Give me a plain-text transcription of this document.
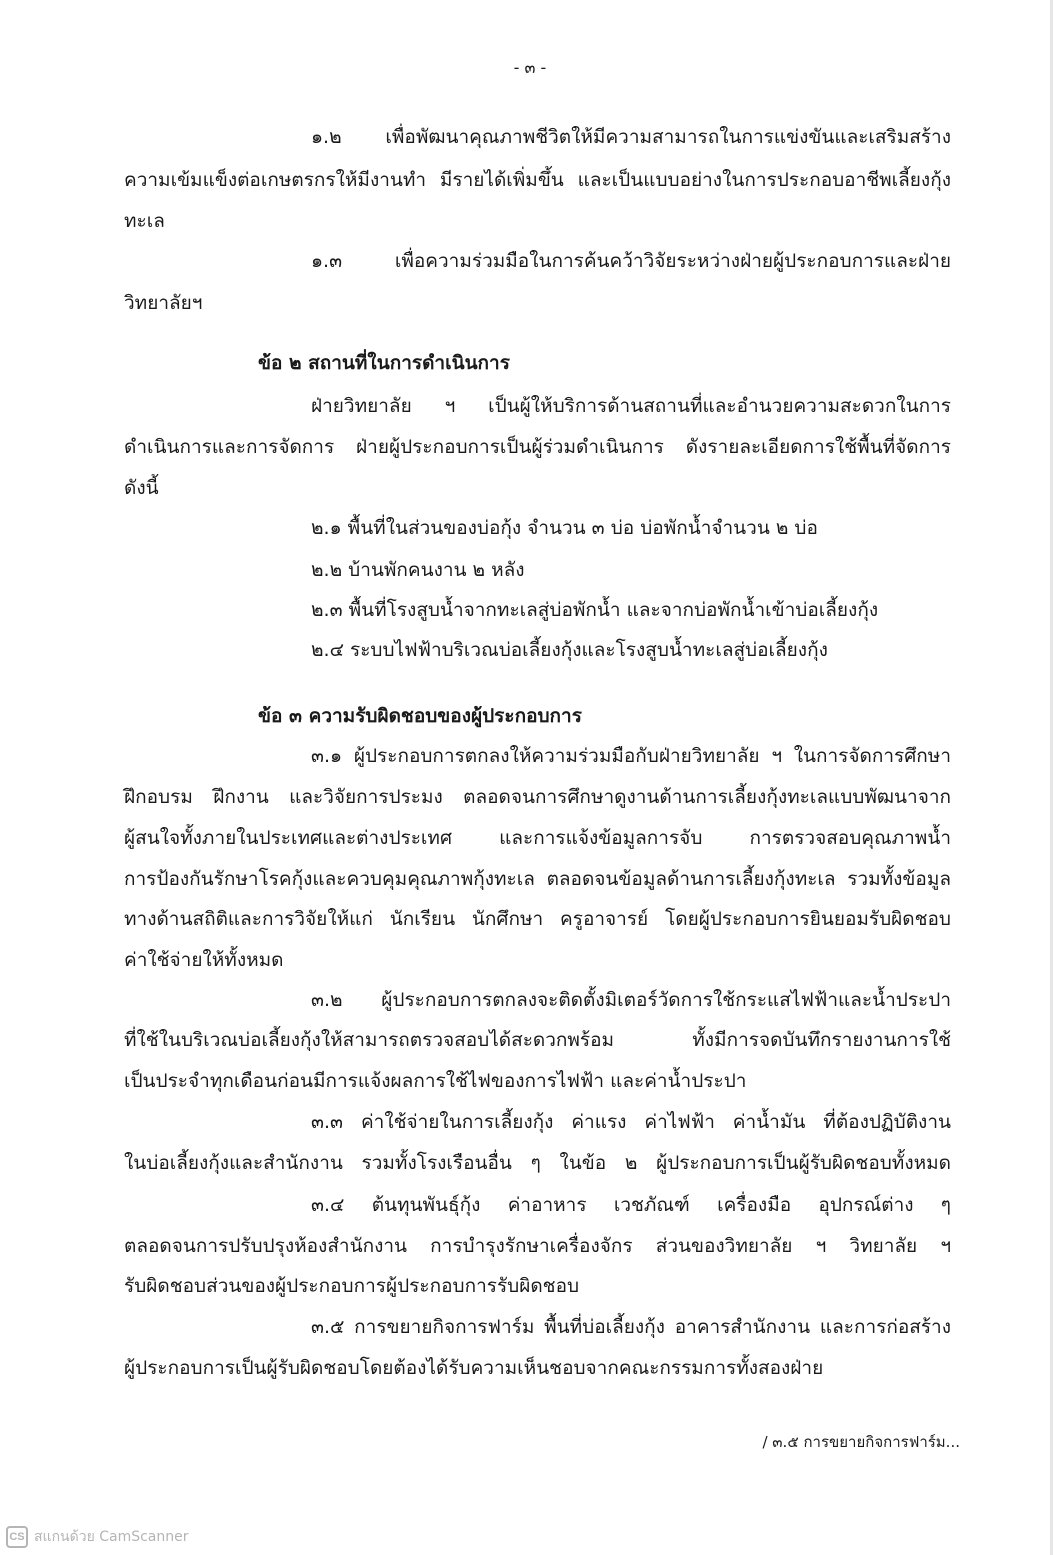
- ๓ -
๑.๒ เพื่อพัฒนาคุณภาพชีวิตให้มีความสามารถในการแข่งขันและเสริมสร้าง
ความเข้มแข็งต่อเกษตรกรให้มีงานทำ มีรายได้เพิ่มขึ้น และเป็นแบบอย่างในการประกอบอาชีพเลี้ยงกุ้ง
ทะเล
๑.๓ เพื่อความร่วมมือในการค้นคว้าวิจัยระหว่างฝ่ายผู้ประกอบการและฝ่าย
วิทยาลัยฯ
ข้อ ๒ สถานที่ในการดำเนินการ
ฝ่ายวิทยาลัย ฯ เป็นผู้ให้บริการด้านสถานที่และอำนวยความสะดวกในการ
ดำเนินการและการจัดการ ฝ่ายผู้ประกอบการเป็นผู้ร่วมดำเนินการ ดังรายละเอียดการใช้พื้นที่จัดการ
ดังนี้
๒.๑ พื้นที่ในส่วนของบ่อกุ้ง จำนวน ๓ บ่อ บ่อพักน้ำจำนวน ๒ บ่อ
๒.๒ บ้านพักคนงาน ๒ หลัง
๒.๓ พื้นที่โรงสูบน้ำจากทะเลสู่บ่อพักน้ำ และจากบ่อพักน้ำเข้าบ่อเลี้ยงกุ้ง
๒.๔ ระบบไฟฟ้าบริเวณบ่อเลี้ยงกุ้งและโรงสูบน้ำทะเลสู่บ่อเลี้ยงกุ้ง
ข้อ ๓ ความรับผิดชอบของผู้ประกอบการ
๓.๑ ผู้ประกอบการตกลงให้ความร่วมมือกับฝ่ายวิทยาลัย ฯ ในการจัดการศึกษา
ฝึกอบรม ฝึกงาน และวิจัยการประมง ตลอดจนการศึกษาดูงานด้านการเลี้ยงกุ้งทะเลแบบพัฒนาจาก
ผู้สนใจทั้งภายในประเทศและต่างประเทศ และการแจ้งข้อมูลการจับ การตรวจสอบคุณภาพน้ำ
การป้องกันรักษาโรคกุ้งและควบคุมคุณภาพกุ้งทะเล ตลอดจนข้อมูลด้านการเลี้ยงกุ้งทะเล รวมทั้งข้อมูล
ทางด้านสถิติและการวิจัยให้แก่ นักเรียน นักศึกษา ครูอาจารย์ โดยผู้ประกอบการยินยอมรับผิดชอบ
ค่าใช้จ่ายให้ทั้งหมด
๓.๒ ผู้ประกอบการตกลงจะติดตั้งมิเตอร์วัดการใช้กระแสไฟฟ้าและน้ำประปา
ที่ใช้ในบริเวณบ่อเลี้ยงกุ้งให้สามารถตรวจสอบได้สะดวกพร้อม ทั้งมีการจดบันทึกรายงานการใช้
เป็นประจำทุกเดือนก่อนมีการแจ้งผลการใช้ไฟของการไฟฟ้า และค่าน้ำประปา
๓.๓ ค่าใช้จ่ายในการเลี้ยงกุ้ง ค่าแรง ค่าไฟฟ้า ค่าน้ำมัน ที่ต้องปฏิบัติงาน
ในบ่อเลี้ยงกุ้งและสำนักงาน รวมทั้งโรงเรือนอื่น ๆ ในข้อ ๒ ผู้ประกอบการเป็นผู้รับผิดชอบทั้งหมด
๓.๔ ต้นทุนพันธุ์กุ้ง ค่าอาหาร เวชภัณฑ์ เครื่องมือ อุปกรณ์ต่าง ๆ
ตลอดจนการปรับปรุงห้องสำนักงาน การบำรุงรักษาเครื่องจักร ส่วนของวิทยาลัย ฯ วิทยาลัย ฯ
รับผิดชอบส่วนของผู้ประกอบการผู้ประกอบการรับผิดชอบ
๓.๕ การขยายกิจการฟาร์ม พื้นที่บ่อเลี้ยงกุ้ง อาคารสำนักงาน และการก่อสร้าง
ผู้ประกอบการเป็นผู้รับผิดชอบโดยต้องได้รับความเห็นชอบจากคณะกรรมการทั้งสองฝ่าย
/ ๓.๕ การขยายกิจการฟาร์ม...
CS สแกนด้วย CamScanner
